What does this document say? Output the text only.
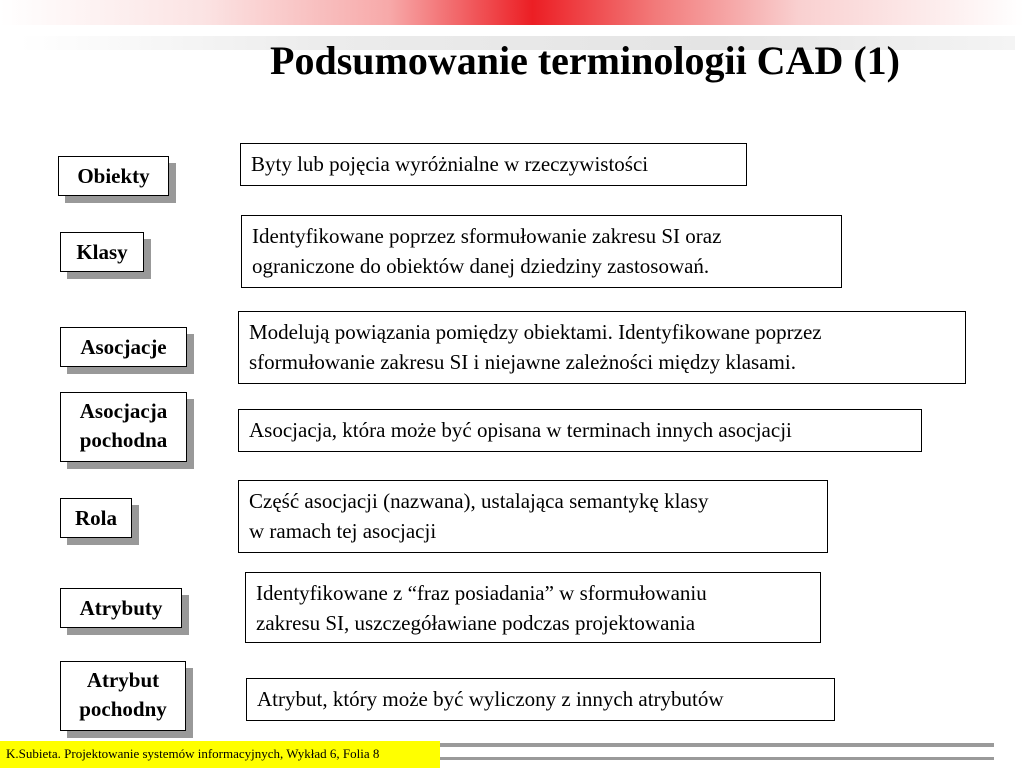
Podsumowanie terminologii CAD (1)
Obiekty	Byty lub pojęcia wyróżnialne w rzeczywistości
Klasy
Identyfikowane poprzez sformułowanie zakresu SI oraz
ograniczone do obiektów danej dziedziny zastosowań.
Asocjacje
Modelują powiązania pomiędzy obiektami. Identyfikowane poprzez
sformułowanie zakresu SI i niejawne zależności między klasami.
Asocjacja
pochodna	Asocjacja, która może być opisana w terminach innych asocjacji
Rola
Część asocjacji (nazwana), ustalająca semantykę klasy
w ramach tej asocjacji
Atrybuty
Identyfikowane z “fraz posiadania” w sformułowaniu
zakresu SI, uszczegóławiane podczas projektowania
Atrybut
pochodny	Atrybut, który może być wyliczony z innych atrybutów
K.Subieta. Projektowanie systemów informacyjnych, Wykład 6, Folia 8
